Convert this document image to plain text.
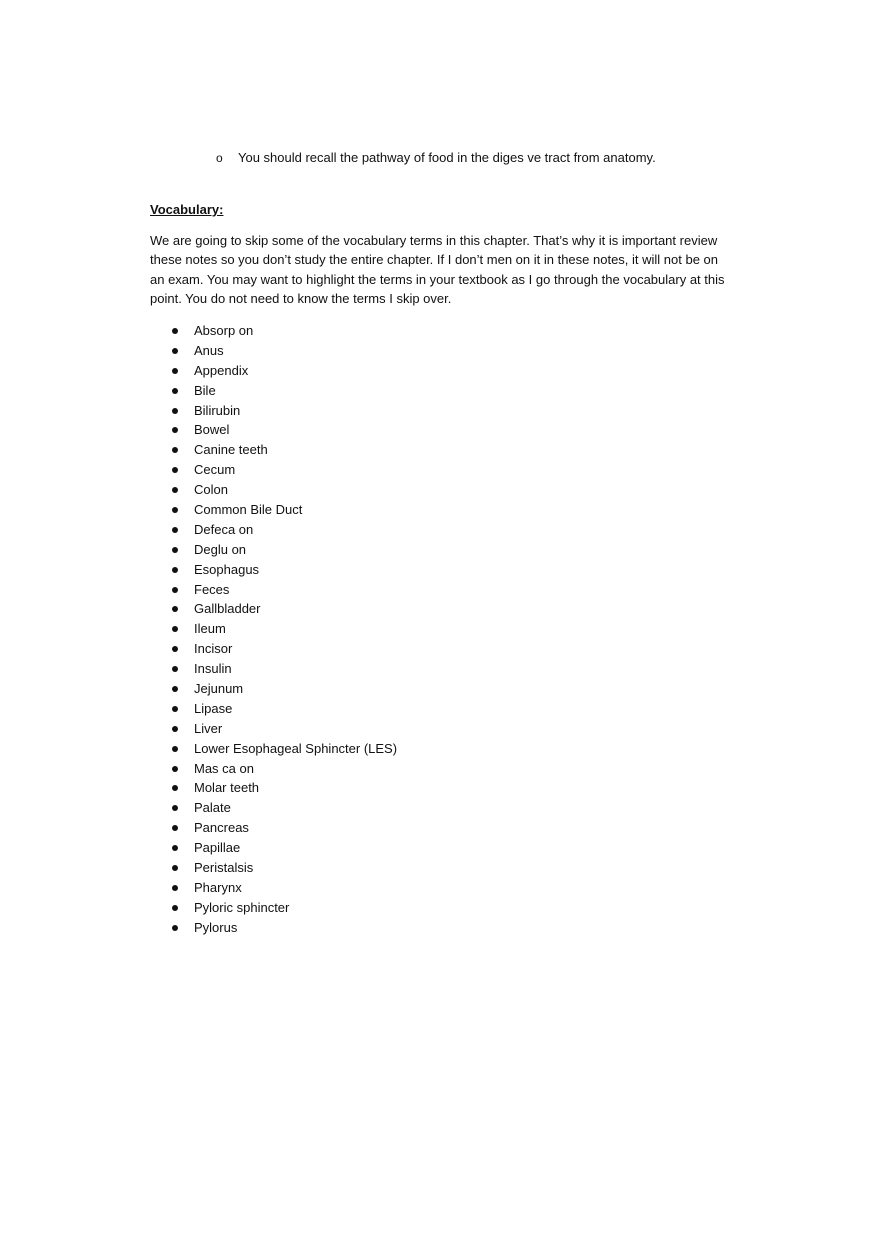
o You should recall the pathway of food in the diges ve tract from anatomy.
Vocabulary:
We are going to skip some of the vocabulary terms in this chapter. That’s why it is important review these notes so you don’t study the entire chapter. If I don’t men on it in these notes, it will not be on an exam. You may want to highlight the terms in your textbook as I go through the vocabulary at this point. You do not need to know the terms I skip over.
Absorp on
Anus
Appendix
Bile
Bilirubin
Bowel
Canine teeth
Cecum
Colon
Common Bile Duct
Defeca on
Deglu on
Esophagus
Feces
Gallbladder
Ileum
Incisor
Insulin
Jejunum
Lipase
Liver
Lower Esophageal Sphincter (LES)
Mas ca on
Molar teeth
Palate
Pancreas
Papillae
Peristalsis
Pharynx
Pyloric sphincter
Pylorus
